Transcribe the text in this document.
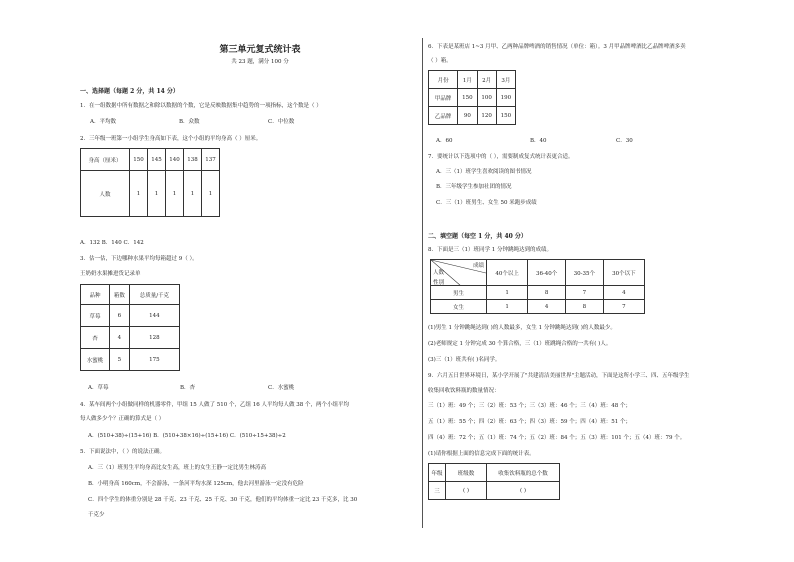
第三单元复式统计表
共 23 题，满分 100 分
一、选择题（每题 2 分，共 14 分）
1．在一组数据中所有数据之和除以数据的个数，它是反映数据集中趋势的一项指标，这个数是（ ）
A．平均数	B．众数	C．中位数
2．三年级一班第一小组学生身高如下表，这个小组的平均身高（ ）厘米。
身高（厘米）	150	145	140	138	137
人数	1	1	1	1	1
A．132 B．140 C．142
3．估一估，下边哪种水果平均每箱超过 9（ ）。
王奶奶水果摊进货记录单
品种	箱数	总质量/千克
草莓	6	144
杏	4	128
水蜜桃	5	175
A．草莓	B．杏	C．水蜜桃
4．某车间两个小组做同样的机器零件，甲组 15 人做了 510 个，乙组 16 人平均每人做 38 个，两个小组平均
每人做多少个？正确的算式是（ ）
A．(510+38)÷(15+16) B．(510+38×16)÷(15+16) C．(510÷15+38)÷2
5．下面说法中，（ ）的说法正确。
A．三（1）班男生平均身高比女生高，班上的女生王静一定比男生林涛高
B．小明身高 160cm，不会游泳，一条河平均水深 125cm，他去河里游泳一定没有危险
C．四个学生的体重分别是 28 千克、23 千克、25 千克、30 千克，他们的平均体重一定比 23 千克多，比 30
千克少
6．下表是某班店 1~3 月甲、乙两种品牌啤酒的销售情况（单位：箱）。3 月甲品牌啤酒比乙品牌啤酒多卖
（ ）箱。
月份	1月	2月	3月
甲品牌	150	100	190
乙品牌	90	120	150
A．60	B．40	C．30
7．要统计以下选项中的（ ），需要制成复式统计表更合适。
A．三（1）班学生喜欢阅读的图书情况
B．三年级学生参加社团的情况
C．三（1）班男生、女生 50 米跑步成绩
二、填空题（每空 1 分，共 40 分）
8．下面是三（1）班同学 1 分钟跳绳达到的成绩。
成绩
人数
性别	40个以上	36-40个	30-35个	30个以下
男生	1	8	7	4
女生	1	4	8	7
(1)男生 1 分钟跳绳达到( )的人数最多，女生 1 分钟跳绳达到( )的人数最少。
(2)老师规定 1 分钟完成 30 个算合格，三（1）班跳绳合格的一共有( )人。
(3)三（1）班共有( )名同学。
9．六月五日世界环境日，某小学开展了"共建清洁美丽世界"主题活动，下面是这所小学三、四、五年级学生
收集回收饮料瓶的数量情况：
三（1）班：49 个；三（2）班：53 个；三（3）班：46 个；三（4）班：48 个；
五（1）班：55 个；四（2）班：63 个；四（3）班：59 个；四（4）班：51 个；
四（4）班：72 个；五（1）班：74 个；五（2）班：84 个；五（3）班：101 个；五（4）班：79 个。
(1)请你根据上面的信息完成下面的统计表。
年级	班级数	收集饮料瓶的总个数
三	( )	( )
